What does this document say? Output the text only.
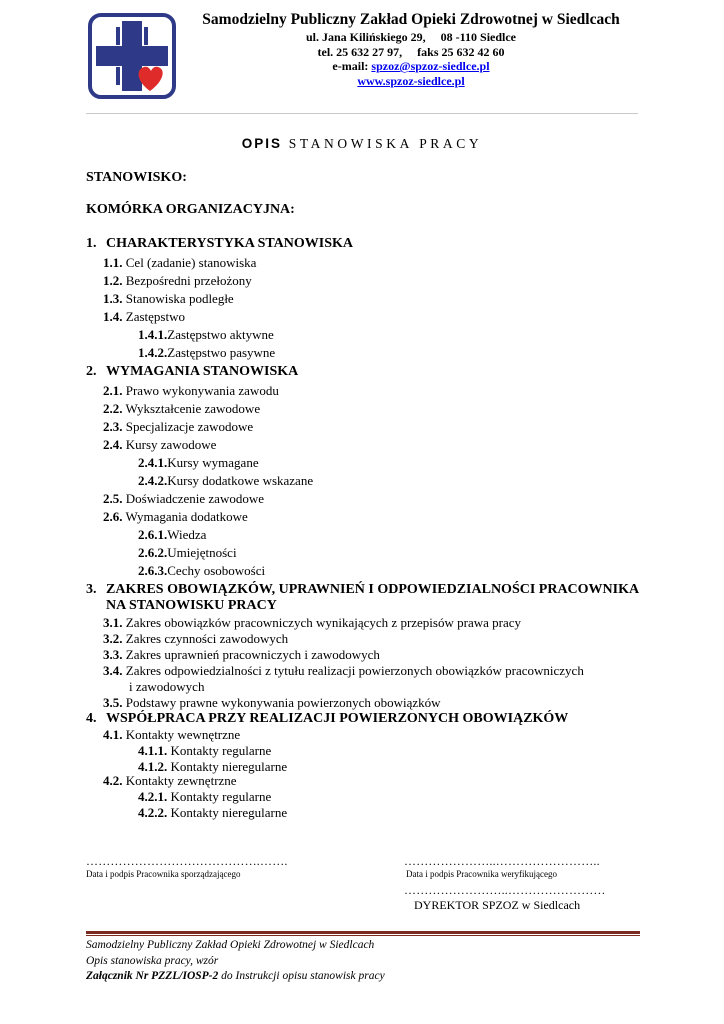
Samodzielny Publiczny Zakład Opieki Zdrowotnej w Siedlcach
ul. Jana Kilińskiego 29,     08 -110 Siedlce
tel. 25 632 27 97,     faks 25 632 42 60
e-mail: spzoz@spzoz-siedlce.pl
www.spzoz-siedlce.pl
OPIS STANOWISKA PRACY
STANOWISKO:
KOMÓRKA ORGANIZACYJNA:
1. CHARAKTERYSTYKA STANOWISKA
1.1. Cel (zadanie) stanowiska
1.2. Bezpośredni przełożony
1.3. Stanowiska podległe
1.4. Zastępstwo
1.4.1.Zastępstwo aktywne
1.4.2.Zastępstwo pasywne
2. WYMAGANIA STANOWISKA
2.1. Prawo wykonywania zawodu
2.2. Wykształcenie zawodowe
2.3. Specjalizacje zawodowe
2.4. Kursy zawodowe
2.4.1.Kursy wymagane
2.4.2.Kursy dodatkowe wskazane
2.5. Doświadczenie zawodowe
2.6. Wymagania dodatkowe
2.6.1.Wiedza
2.6.2.Umiejętności
2.6.3.Cechy osobowości
3. ZAKRES OBOWIĄZKÓW, UPRAWNIEŃ I ODPOWIEDZIALNOŚCI PRACOWNIKA
NA STANOWISKU PRACY
3.1. Zakres obowiązków pracowniczych wynikających z przepisów prawa pracy
3.2. Zakres czynności zawodowych
3.3. Zakres uprawnień pracowniczych i zawodowych
3.4. Zakres odpowiedzialności z tytułu realizacji powierzonych obowiązków pracowniczych
i zawodowych
3.5. Podstawy prawne wykonywania powierzonych obowiązków
4. WSPÓŁPRACA PRZY REALIZACJI POWIERZONYCH OBOWIĄZKÓW
4.1. Kontakty wewnętrzne
4.1.1. Kontakty regularne
4.1.2. Kontakty nieregularne
4.2. Kontakty zewnętrzne
4.2.1. Kontakty regularne
4.2.2. Kontakty nieregularne
…………………………………….…….	…………………..……………………..
Data i podpis Pracownika sporządzającego	Data i podpis Pracownika weryfikującego
……………………..……………………
DYREKTOR SPZOZ w Siedlcach
Samodzielny Publiczny Zakład Opieki Zdrowotnej w Siedlcach
Opis stanowiska pracy, wzór
Załącznik Nr PZZL/IOSP-2 do Instrukcji opisu stanowisk pracy
